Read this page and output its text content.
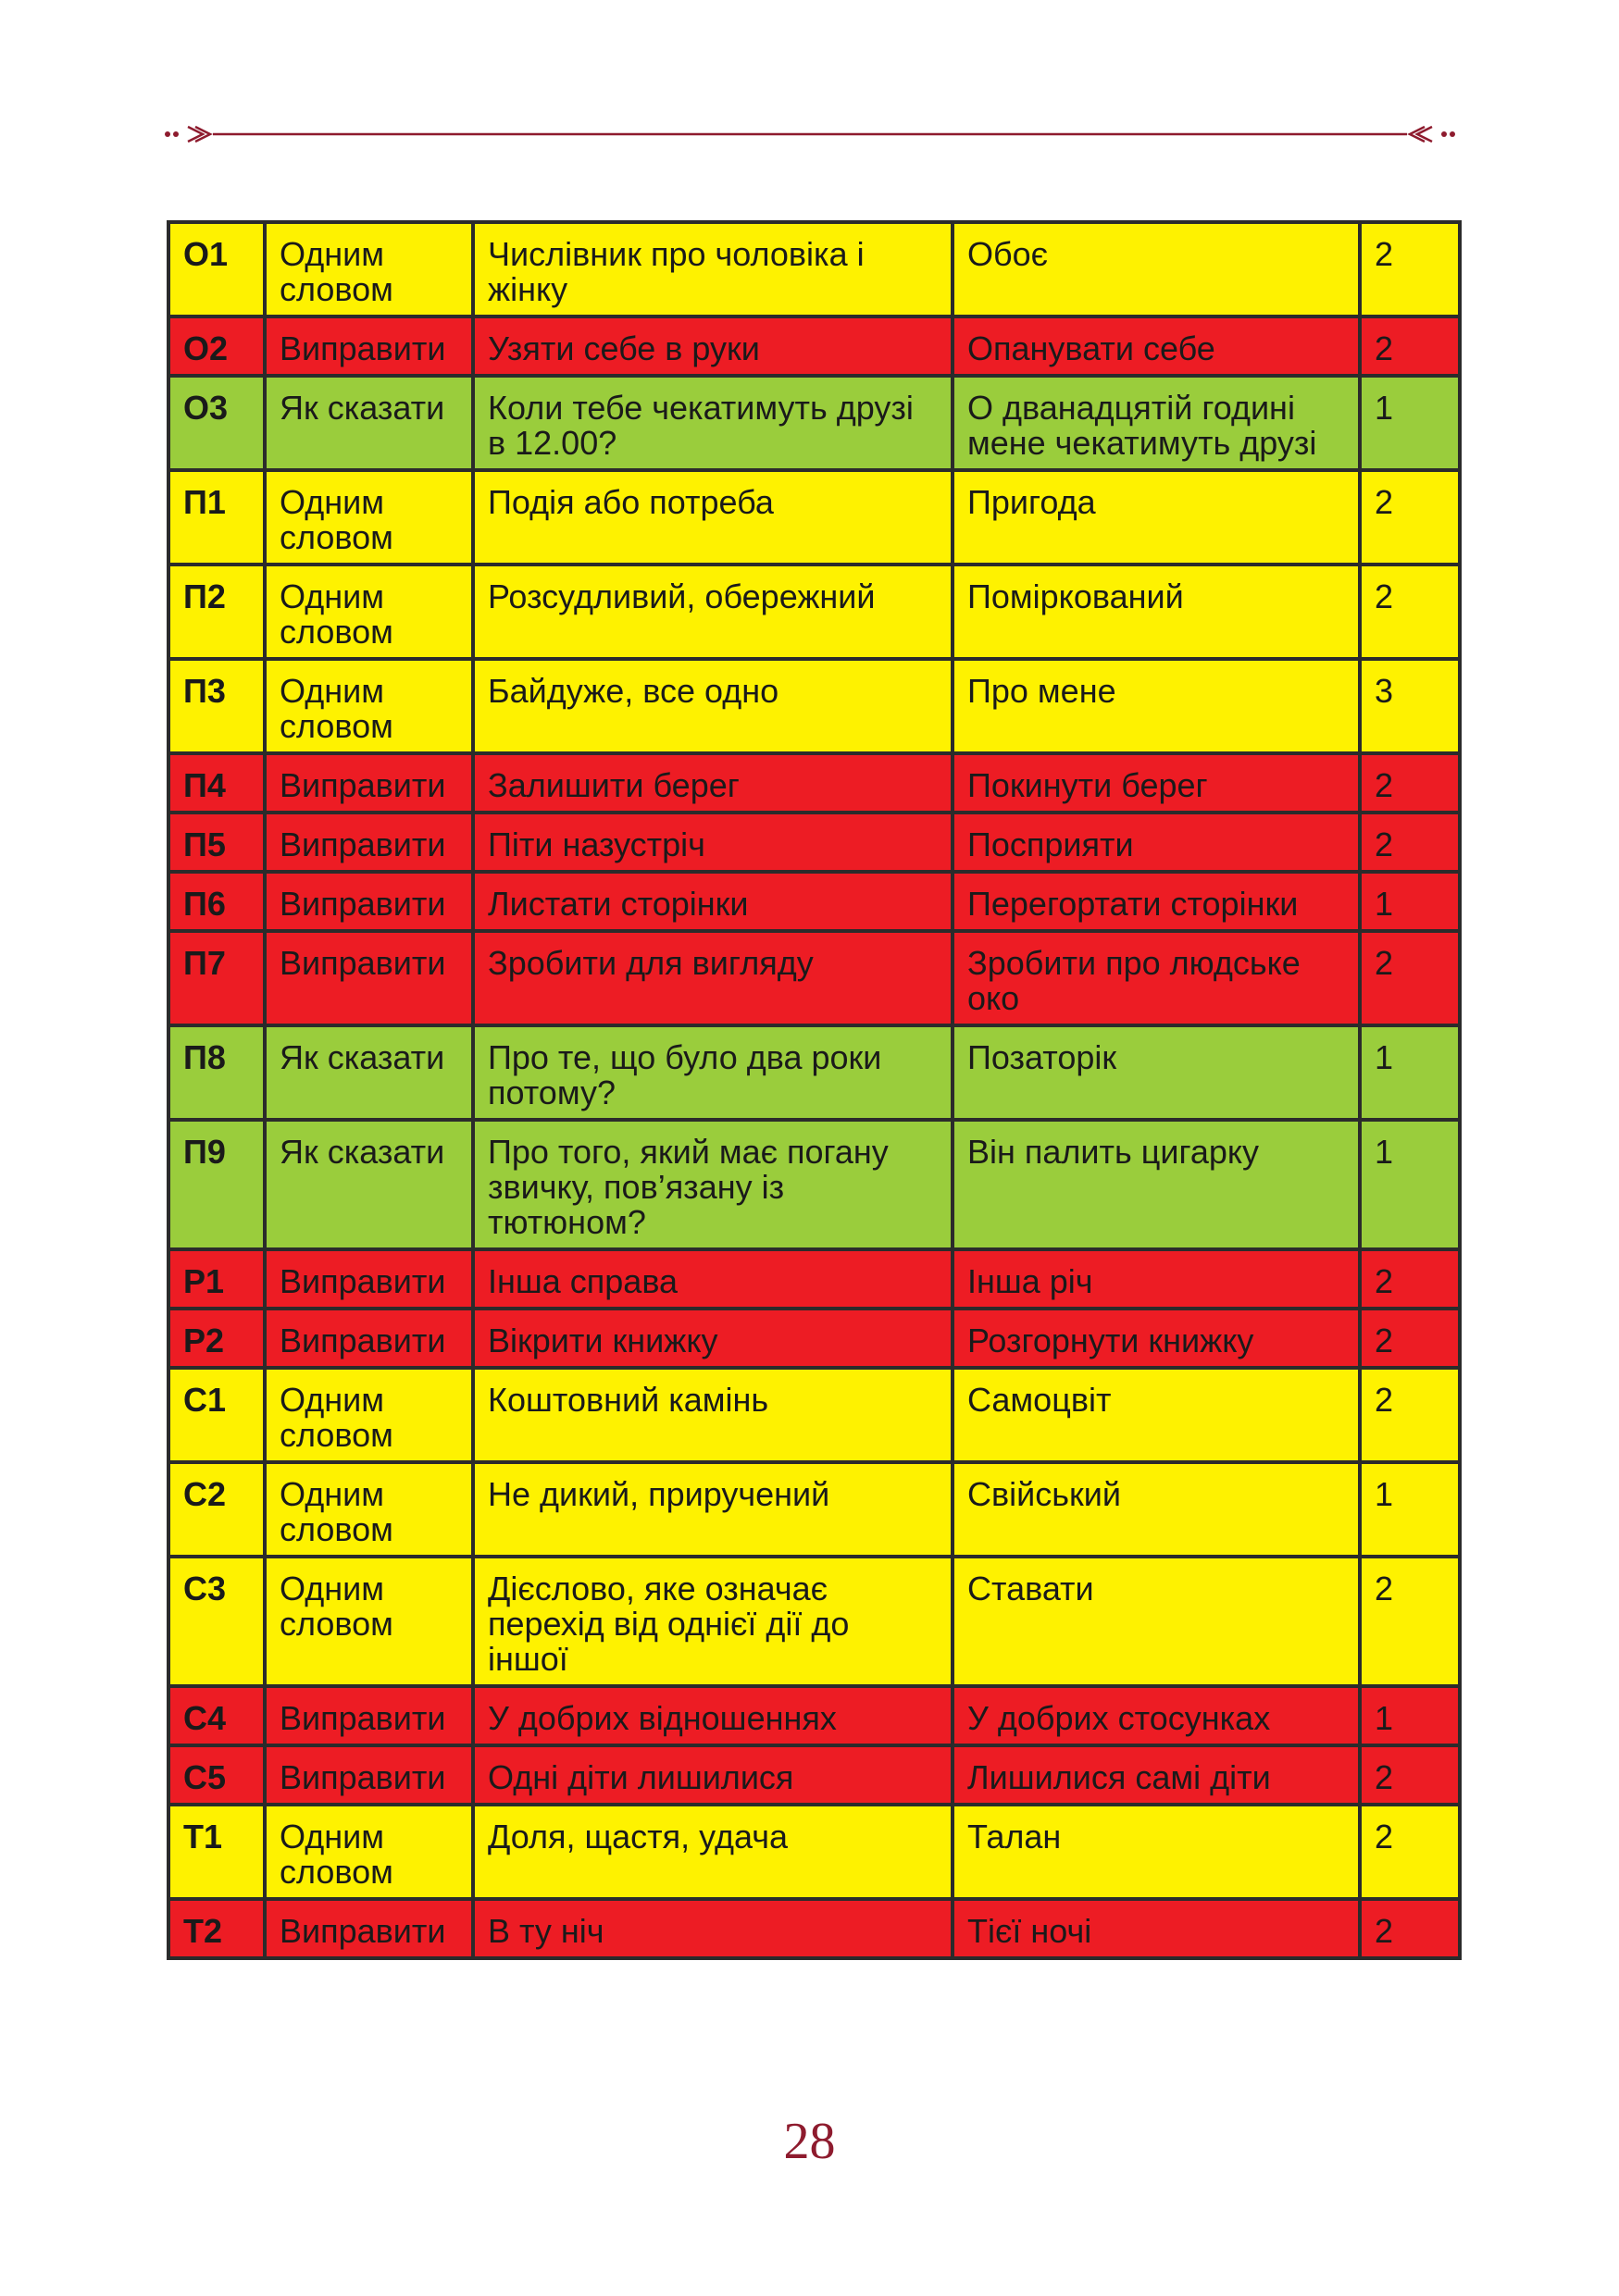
О1	Одним словом	Числівник про чоловіка і жінку	Обоє	2
О2	Виправити	Узяти себе в руки	Опанувати себе	2
О3	Як сказати	Коли тебе чекатимуть друзі в 12.00?	О дванадцятій годині мене чекатимуть друзі	1
П1	Одним словом	Подія або потреба	Пригода	2
П2	Одним словом	Розсудливий, обережний	Поміркований	2
П3	Одним словом	Байдуже, все одно	Про мене	3
П4	Виправити	Залишити берег	Покинути берег	2
П5	Виправити	Піти назустріч	Посприяти	2
П6	Виправити	Листати сторінки	Перегортати сторінки	1
П7	Виправити	Зробити для вигляду	Зробити про людське око	2
П8	Як сказати	Про те, що було два роки потому?	Позаторік	1
П9	Як сказати	Про того, який має погану звичку, пов’язану із тютюном?	Він палить цигарку	1
Р1	Виправити	Інша справа	Інша річ	2
Р2	Виправити	Вікрити книжку	Розгорнути книжку	2
С1	Одним словом	Коштовний камінь	Самоцвіт	2
С2	Одним словом	Не дикий, приручений	Свійський	1
С3	Одним словом	Дієслово, яке означає перехід від однієї дії до іншої	Ставати	2
С4	Виправити	У добрих відношеннях	У добрих стосунках	1
С5	Виправити	Одні діти лишилися	Лишилися самі діти	2
Т1	Одним словом	Доля, щастя, удача	Талан	2
Т2	Виправити	В ту ніч	Тієї ночі	2
28
